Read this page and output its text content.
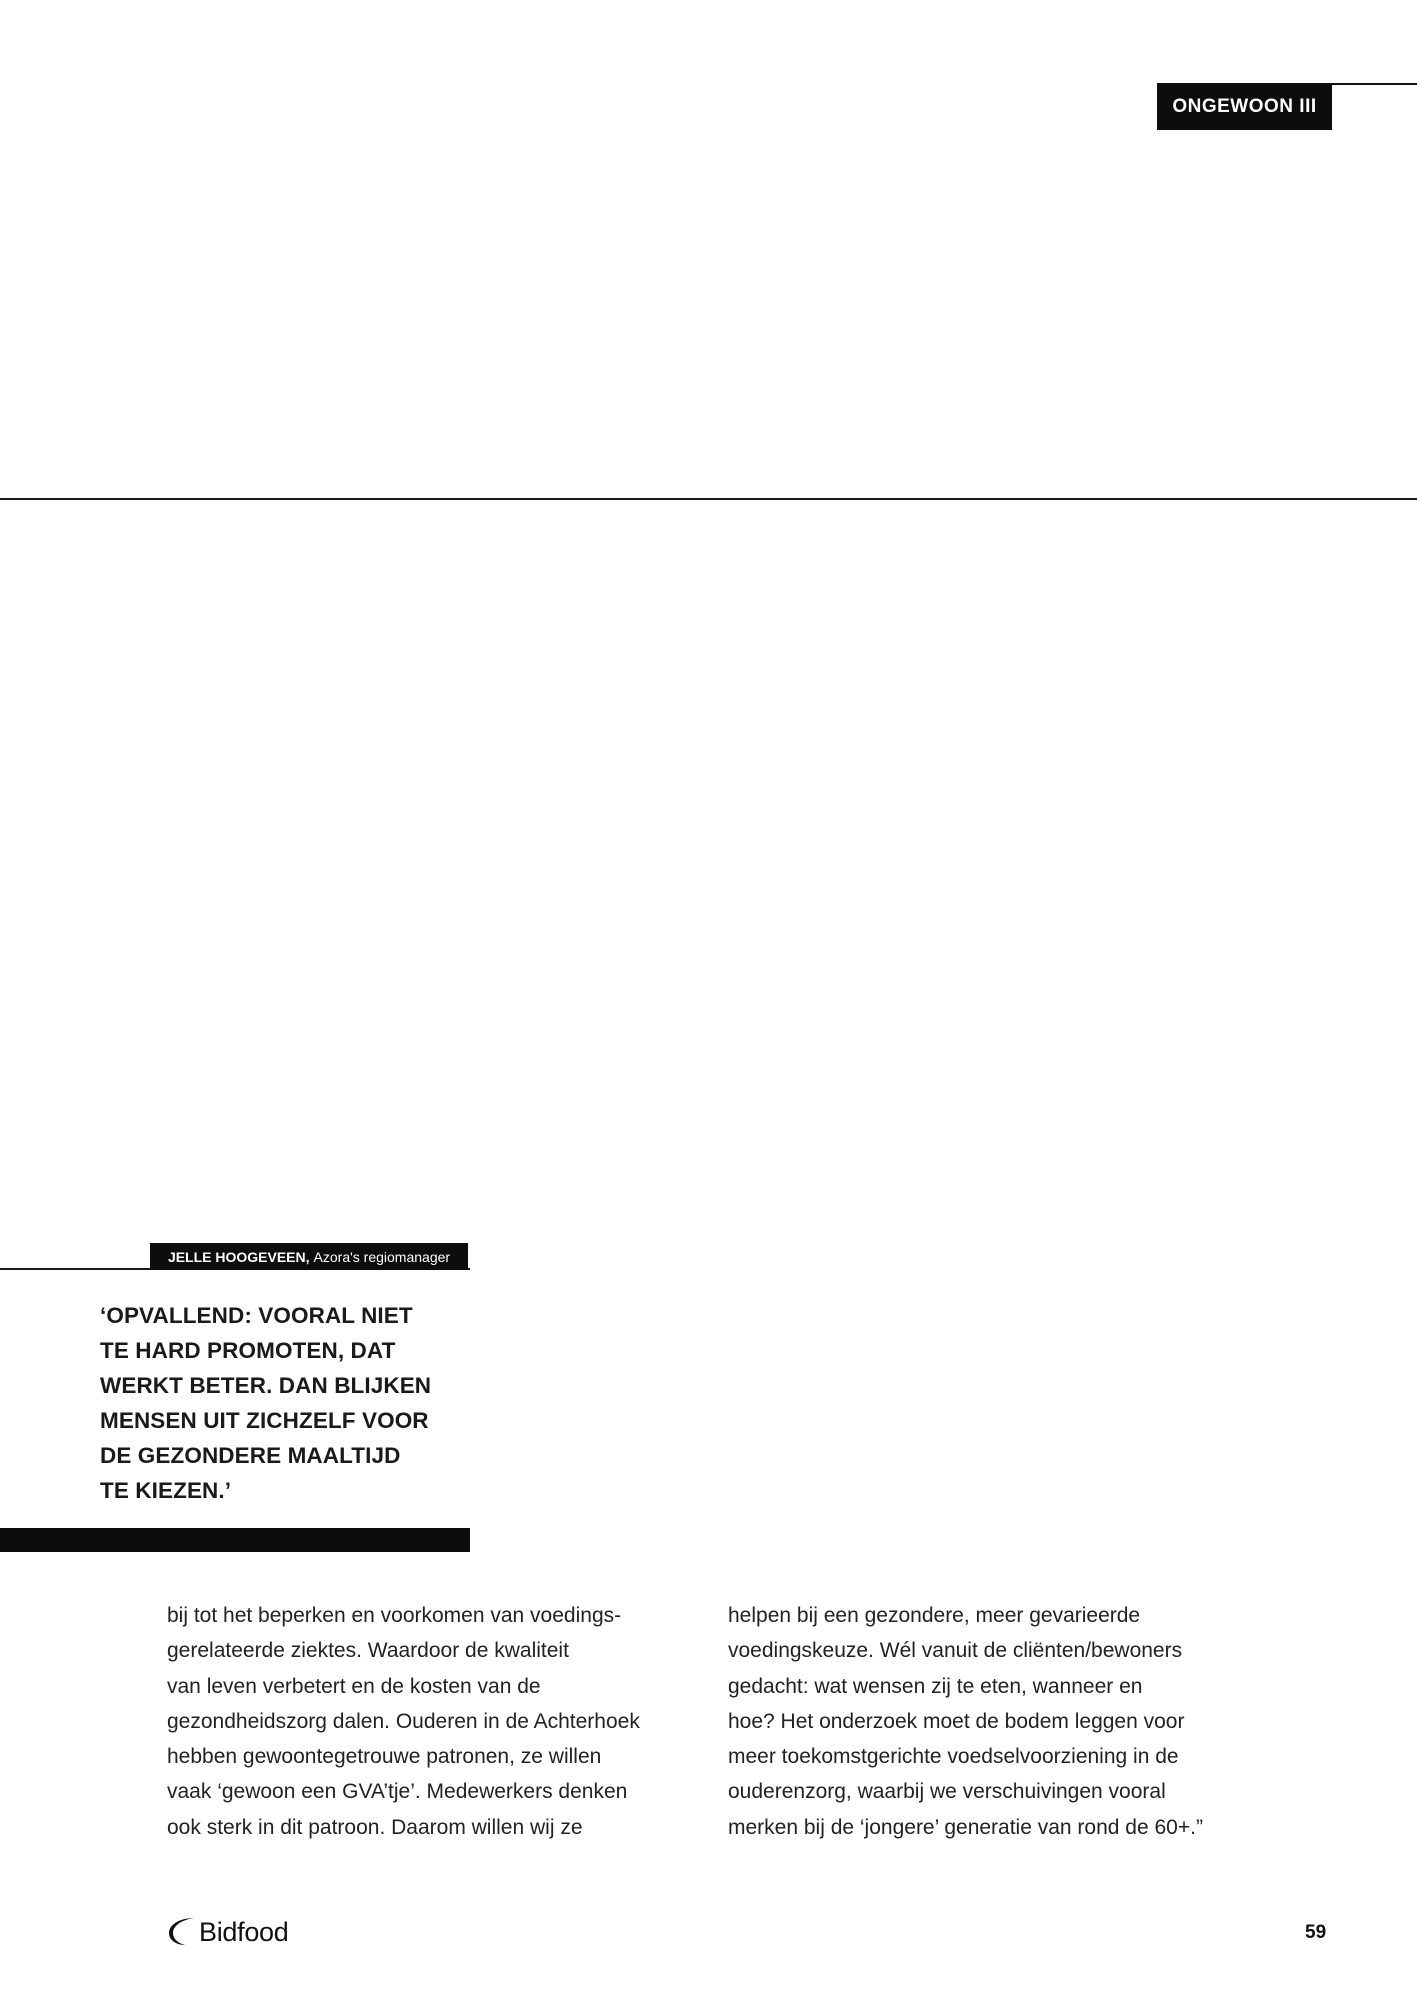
ONGEWOON III
JELLE HOOGEVEEN, Azora's regiomanager

‘OPVALLEND: VOORAL NIET
TE HARD PROMOTEN, DAT
WERKT BETER. DAN BLIJKEN
MENSEN UIT ZICHZELF VOOR
DE GEZONDERE MAALTIJD
TE KIEZEN.’

bij tot het beperken en voorkomen van voedings-
gerelateerde ziektes. Waardoor de kwaliteit
van leven verbetert en de kosten van de
gezondheidszorg dalen. Ouderen in de Achterhoek
hebben gewoontegetrouwe patronen, ze willen
vaak ‘gewoon een GVA’tje’. Medewerkers denken
ook sterk in dit patroon. Daarom willen wij ze

helpen bij een gezondere, meer gevarieerde
voedingskeuze. Wél vanuit de cliënten/bewoners
gedacht: wat wensen zij te eten, wanneer en
hoe? Het onderzoek moet de bodem leggen voor
meer toekomstgerichte voedselvoorziening in de
ouderenzorg, waarbij we verschuivingen vooral
merken bij de ‘jongere’ generatie van rond de 60+.”

Bidfood	59
